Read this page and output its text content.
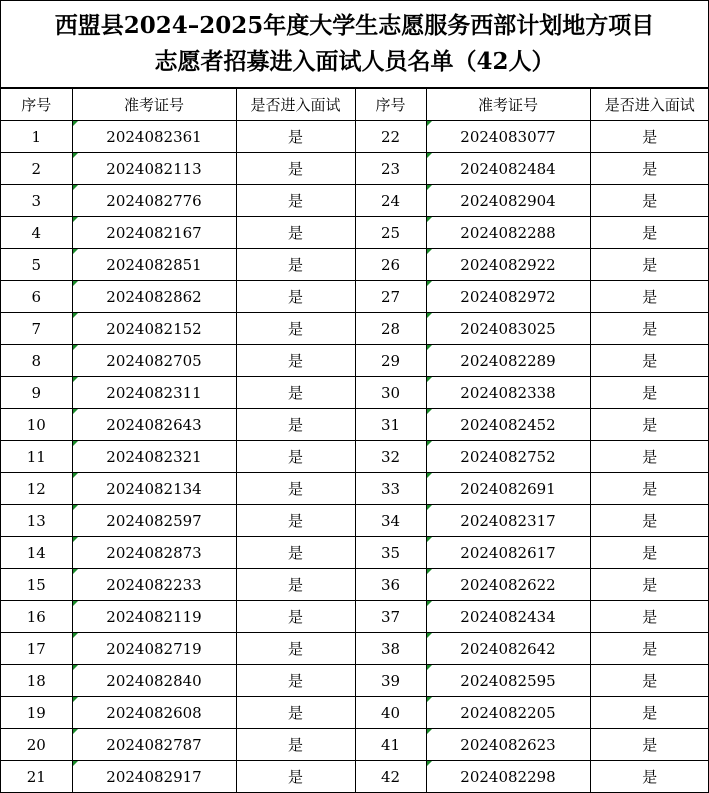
西盟县2024–2025年度大学生志愿服务西部计划地方项目
志愿者招募进入面试人员名单（42人）
序号	准考证号	是否进入面试	序号	准考证号	是否进入面试
1	2024082361	是	22	2024083077	是
2	2024082113	是	23	2024082484	是
3	2024082776	是	24	2024082904	是
4	2024082167	是	25	2024082288	是
5	2024082851	是	26	2024082922	是
6	2024082862	是	27	2024082972	是
7	2024082152	是	28	2024083025	是
8	2024082705	是	29	2024082289	是
9	2024082311	是	30	2024082338	是
10	2024082643	是	31	2024082452	是
11	2024082321	是	32	2024082752	是
12	2024082134	是	33	2024082691	是
13	2024082597	是	34	2024082317	是
14	2024082873	是	35	2024082617	是
15	2024082233	是	36	2024082622	是
16	2024082119	是	37	2024082434	是
17	2024082719	是	38	2024082642	是
18	2024082840	是	39	2024082595	是
19	2024082608	是	40	2024082205	是
20	2024082787	是	41	2024082623	是
21	2024082917	是	42	2024082298	是
